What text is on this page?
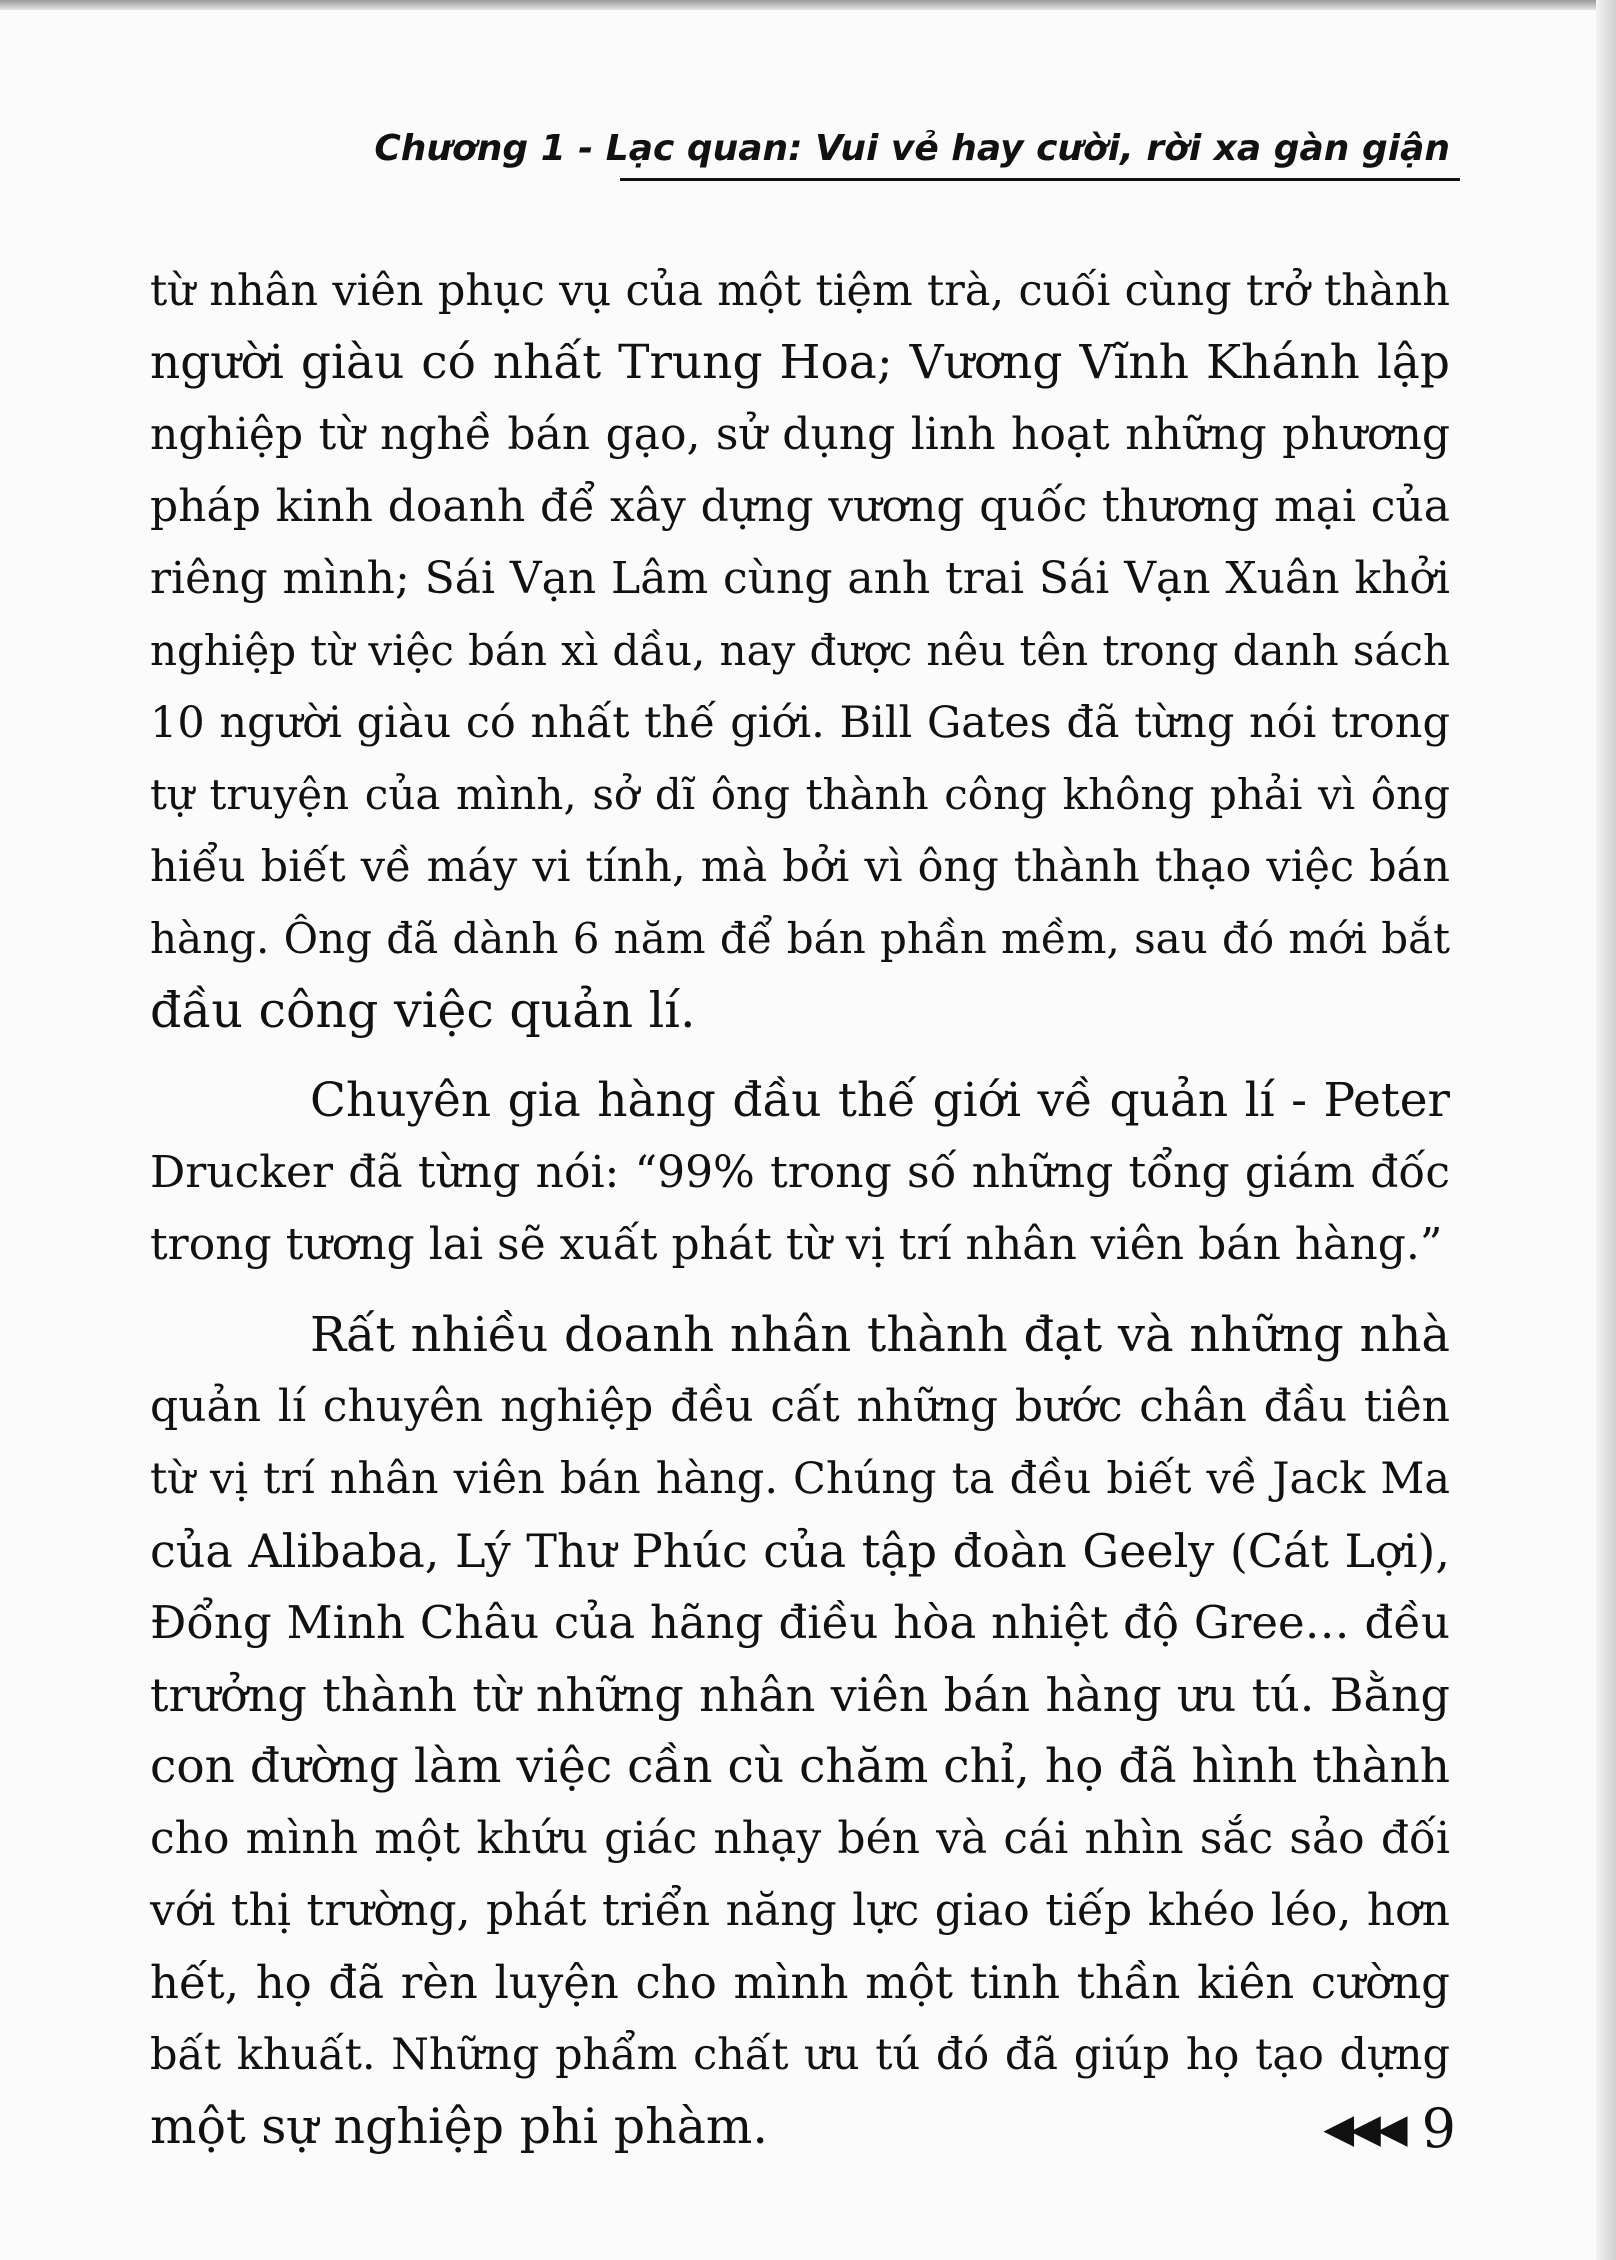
Chương 1 - Lạc quan: Vui vẻ hay cười, rời xa gàn giận
từ nhân viên phục vụ của một tiệm trà, cuối cùng trở thành
người giàu có nhất Trung Hoa; Vương Vĩnh Khánh lập
nghiệp từ nghề bán gạo, sử dụng linh hoạt những phương
pháp kinh doanh để xây dựng vương quốc thương mại của
riêng mình; Sái Vạn Lâm cùng anh trai Sái Vạn Xuân khởi
nghiệp từ việc bán xì dầu, nay được nêu tên trong danh sách
10 người giàu có nhất thế giới. Bill Gates đã từng nói trong
tự truyện của mình, sở dĩ ông thành công không phải vì ông
hiểu biết về máy vi tính, mà bởi vì ông thành thạo việc bán
hàng. Ông đã dành 6 năm để bán phần mềm, sau đó mới bắt
đầu công việc quản lí.
Chuyên gia hàng đầu thế giới về quản lí - Peter
Drucker đã từng nói: “99% trong số những tổng giám đốc
trong tương lai sẽ xuất phát từ vị trí nhân viên bán hàng.”
Rất nhiều doanh nhân thành đạt và những nhà
quản lí chuyên nghiệp đều cất những bước chân đầu tiên
từ vị trí nhân viên bán hàng. Chúng ta đều biết về Jack Ma
của Alibaba, Lý Thư Phúc của tập đoàn Geely (Cát Lợi),
Đổng Minh Châu của hãng điều hòa nhiệt độ Gree… đều
trưởng thành từ những nhân viên bán hàng ưu tú. Bằng
con đường làm việc cần cù chăm chỉ, họ đã hình thành
cho mình một khứu giác nhạy bén và cái nhìn sắc sảo đối
với thị trường, phát triển năng lực giao tiếp khéo léo, hơn
hết, họ đã rèn luyện cho mình một tinh thần kiên cường
bất khuất. Những phẩm chất ưu tú đó đã giúp họ tạo dựng
một sự nghiệp phi phàm.	◀◀◀ 9
